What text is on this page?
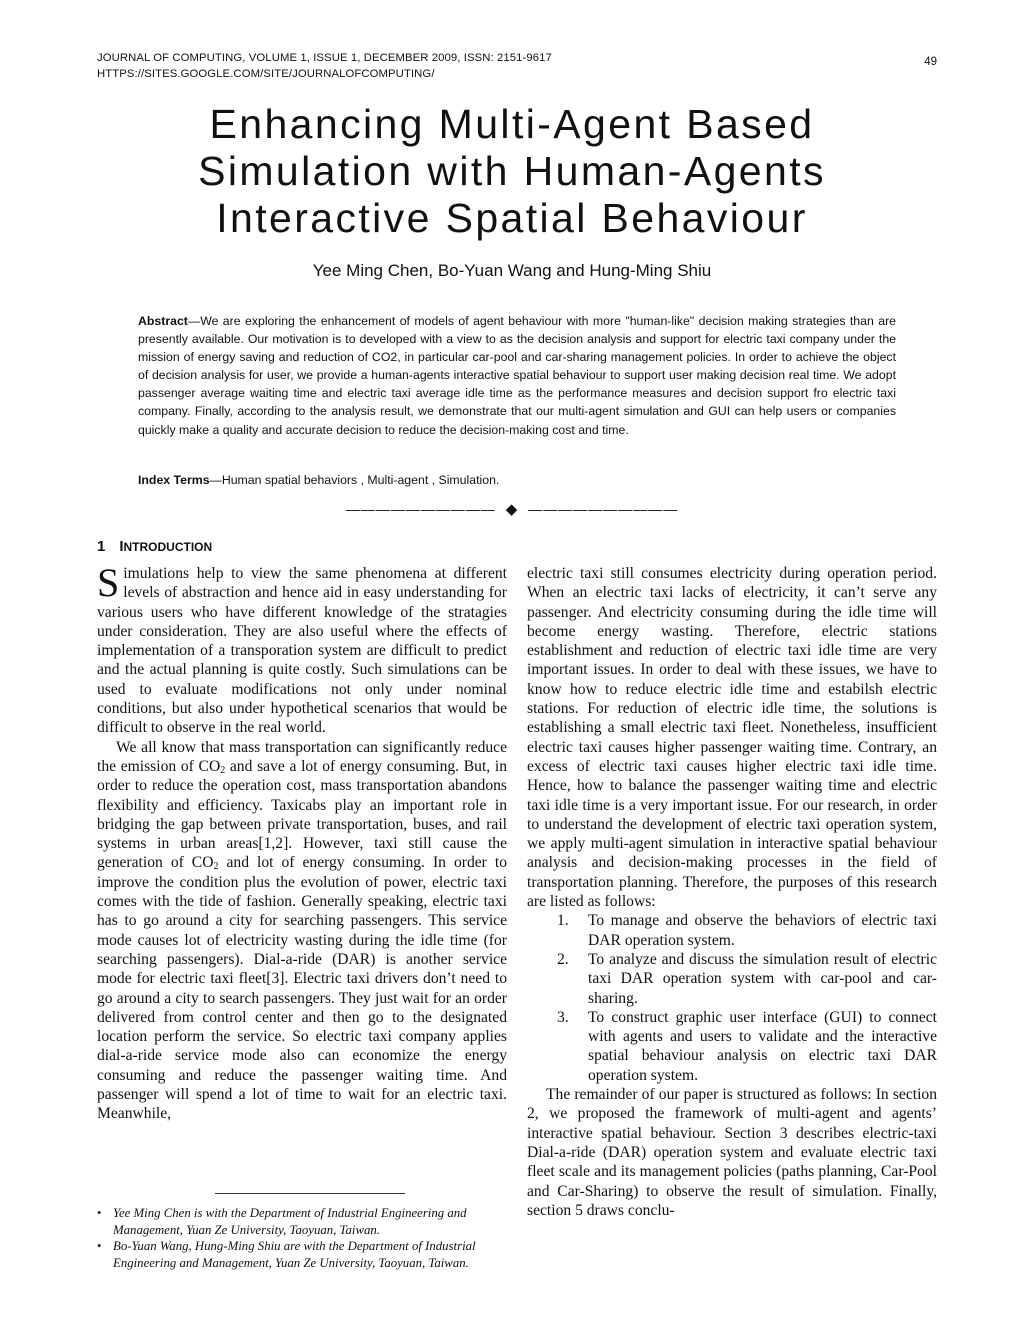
JOURNAL OF COMPUTING, VOLUME 1, ISSUE 1, DECEMBER 2009, ISSN: 2151-9617
HTTPS://SITES.GOOGLE.COM/SITE/JOURNALOFCOMPUTING/
49
Enhancing Multi-Agent Based
Simulation with Human-Agents
Interactive Spatial Behaviour
Yee Ming Chen, Bo-Yuan Wang and Hung-Ming Shiu
Abstract—We are exploring the enhancement of models of agent behaviour with more "human-like" decision making strategies than are presently available. Our motivation is to developed with a view to as the decision analysis and support for electric taxi company under the mission of energy saving and reduction of CO2, in particular car-pool and car-sharing management policies. In order to achieve the object of decision analysis for user, we provide a human-agents interactive spatial behaviour to support user making decision real time. We adopt passenger average waiting time and electric taxi average idle time as the performance measures and decision support fro electric taxi company. Finally, according to the analysis result, we demonstrate that our multi-agent simulation and GUI can help users or companies quickly make a quality and accurate decision to reduce the decision-making cost and time.
Index Terms—Human spatial behaviors , Multi-agent , Simulation.
—————————— ◆ ——————————
1 INTRODUCTION

Simulations help to view the same phenomena at different levels of abstraction and hence aid in easy understanding for various users who have different knowledge of the stratagies under consideration. They are also useful where the effects of implementation of a transporation system are difficult to predict and the actual planning is quite costly. Such simulations can be used to evaluate modifications not only under nominal conditions, but also under hypothetical scenarios that would be difficult to observe in the real world.

We all know that mass transportation can significantly reduce the emission of $CO_2$ and save a lot of energy consuming. But, in order to reduce the operation cost, mass transportation abandons flexibility and efficiency. Taxicabs play an important role in bridging the gap between private transportation, buses, and rail systems in urban areas[1,2]. However, taxi still cause the generation of $CO_2$ and lot of energy consuming. In order to improve the condition plus the evolution of power, electric taxi comes with the tide of fashion. Generally speaking, electric taxi has to go around a city for searching passengers. This service mode causes lot of electricity wasting during the idle time (for searching passengers). Dial-a-ride (DAR) is another service mode for electric taxi fleet[3]. Electric taxi drivers don’t need to go around a city to search passengers. They just wait for an order delivered from control center and then go to the designated location perform the service. So electric taxi company applies dial-a-ride service mode also can economize the energy consuming and reduce the passenger waiting time. And passenger will spend a lot of time to wait for an electric taxi. Meanwhile,

electric taxi still consumes electricity during operation period. When an electric taxi lacks of electricity, it can’t serve any passenger. And electricity consuming during the idle time will become energy wasting. Therefore, electric stations establishment and reduction of electric taxi idle time are very important issues. In order to deal with these issues, we have to know how to reduce electric idle time and estabilsh electric stations. For reduction of electric idle time, the solutions is establishing a small electric taxi fleet. Nonetheless, insufficient electric taxi causes higher passenger waiting time. Contrary, an excess of electric taxi causes higher electric taxi idle time. Hence, how to balance the passenger waiting time and electric taxi idle time is a very important issue. For our research, in order to understand the development of electric taxi operation system, we apply multi-agent simulation in interactive spatial behaviour analysis and decision-making processes in the field of transportation planning. Therefore, the purposes of this research are listed as follows:

1. To manage and observe the behaviors of electric taxi DAR operation system.
2. To analyze and discuss the simulation result of electric taxi DAR operation system with car-pool and car-sharing.
3. To construct graphic user interface (GUI) to connect with agents and users to validate and the interactive spatial behaviour analysis on electric taxi DAR operation system.

The remainder of our paper is structured as follows: In section 2, we proposed the framework of multi-agent and agents’ interactive spatial behaviour. Section 3 describes electric-taxi Dial-a-ride (DAR) operation system and evaluate electric taxi fleet scale and its management policies (paths planning, Car-Pool and Car-Sharing) to observe the result of simulation. Finally, section 5 draws conclu-

• Yee Ming Chen is with the Department of Industrial Engineering and Management, Yuan Ze University, Taoyuan, Taiwan.
• Bo-Yuan Wang, Hung-Ming Shiu are with the Department of Industrial Engineering and Management, Yuan Ze University, Taoyuan, Taiwan.
